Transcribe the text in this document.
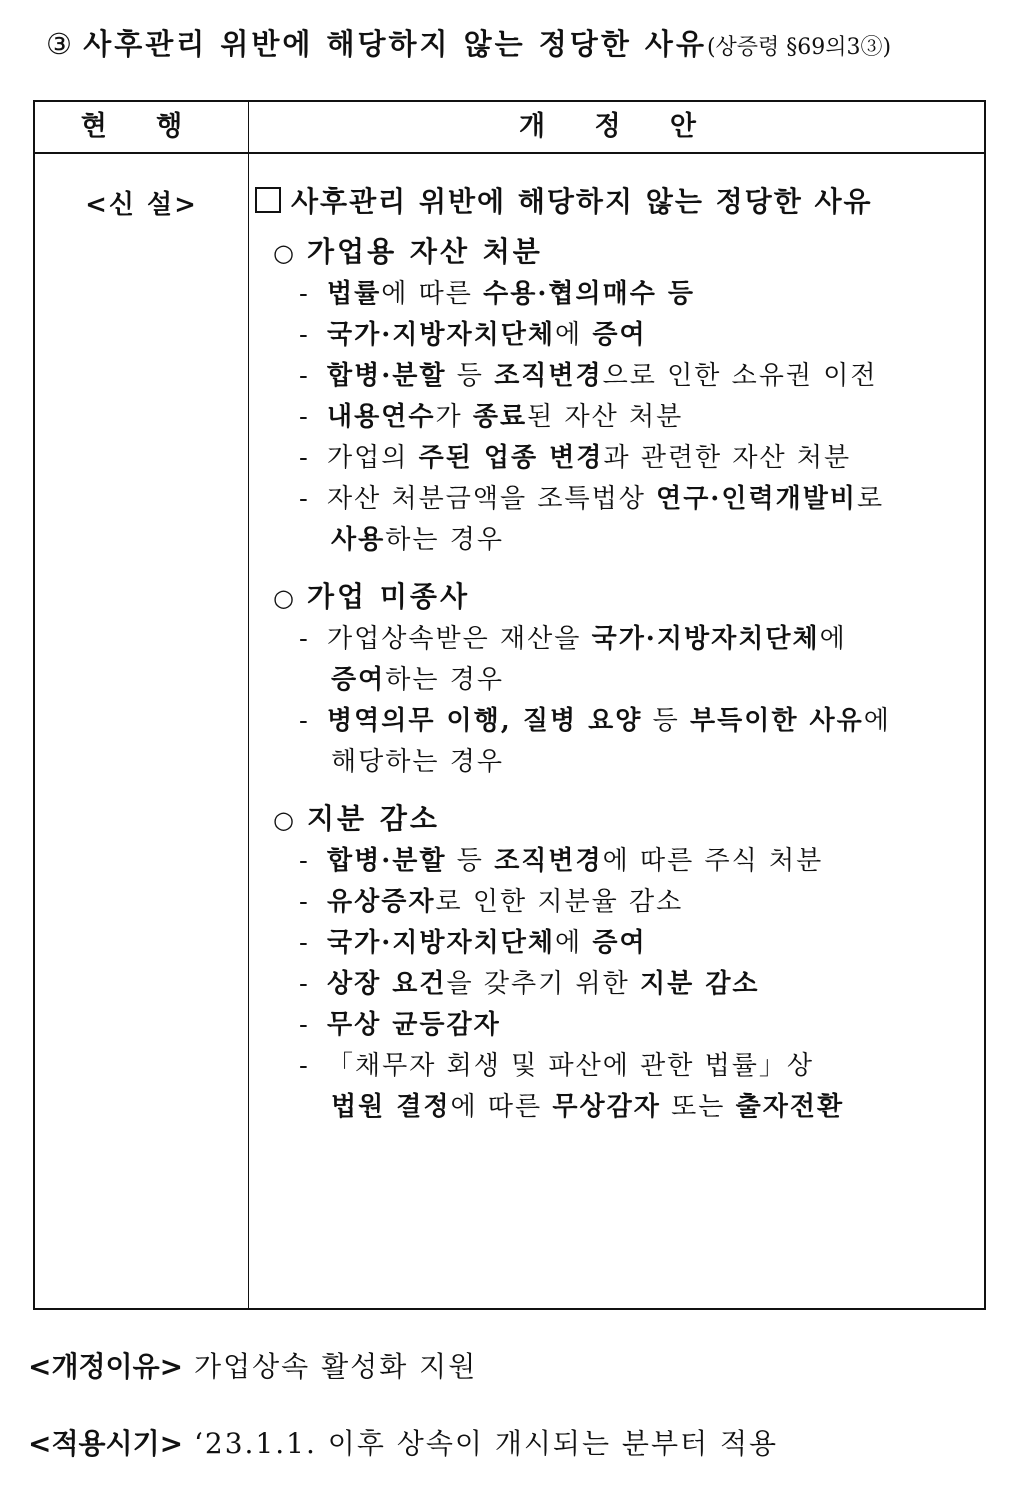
③ 사후관리 위반에 해당하지 않는 정당한 사유(상증령 §69의3③)
현 행	개 정 안
<신 설>	사후관리 위반에 해당하지 않는 정당한 사유
○ 가업용 자산 처분
- 법률에 따른 수용·협의매수 등
- 국가·지방자치단체에 증여
- 합병·분할 등 조직변경으로 인한 소유권 이전
- 내용연수가 종료된 자산 처분
- 가업의 주된 업종 변경과 관련한 자산 처분
- 자산 처분금액을 조특법상 연구·인력개발비로
사용하는 경우
○ 가업 미종사
- 가업상속받은 재산을 국가·지방자치단체에
증여하는 경우
- 병역의무 이행, 질병 요양 등 부득이한 사유에
해당하는 경우
○ 지분 감소
- 합병·분할 등 조직변경에 따른 주식 처분
- 유상증자로 인한 지분율 감소
- 국가·지방자치단체에 증여
- 상장 요건을 갖추기 위한 지분 감소
- 무상 균등감자
- 「채무자 회생 및 파산에 관한 법률」상
법원 결정에 따른 무상감자 또는 출자전환
<개정이유> 가업상속 활성화 지원
<적용시기> ‘23.1.1. 이후 상속이 개시되는 분부터 적용
